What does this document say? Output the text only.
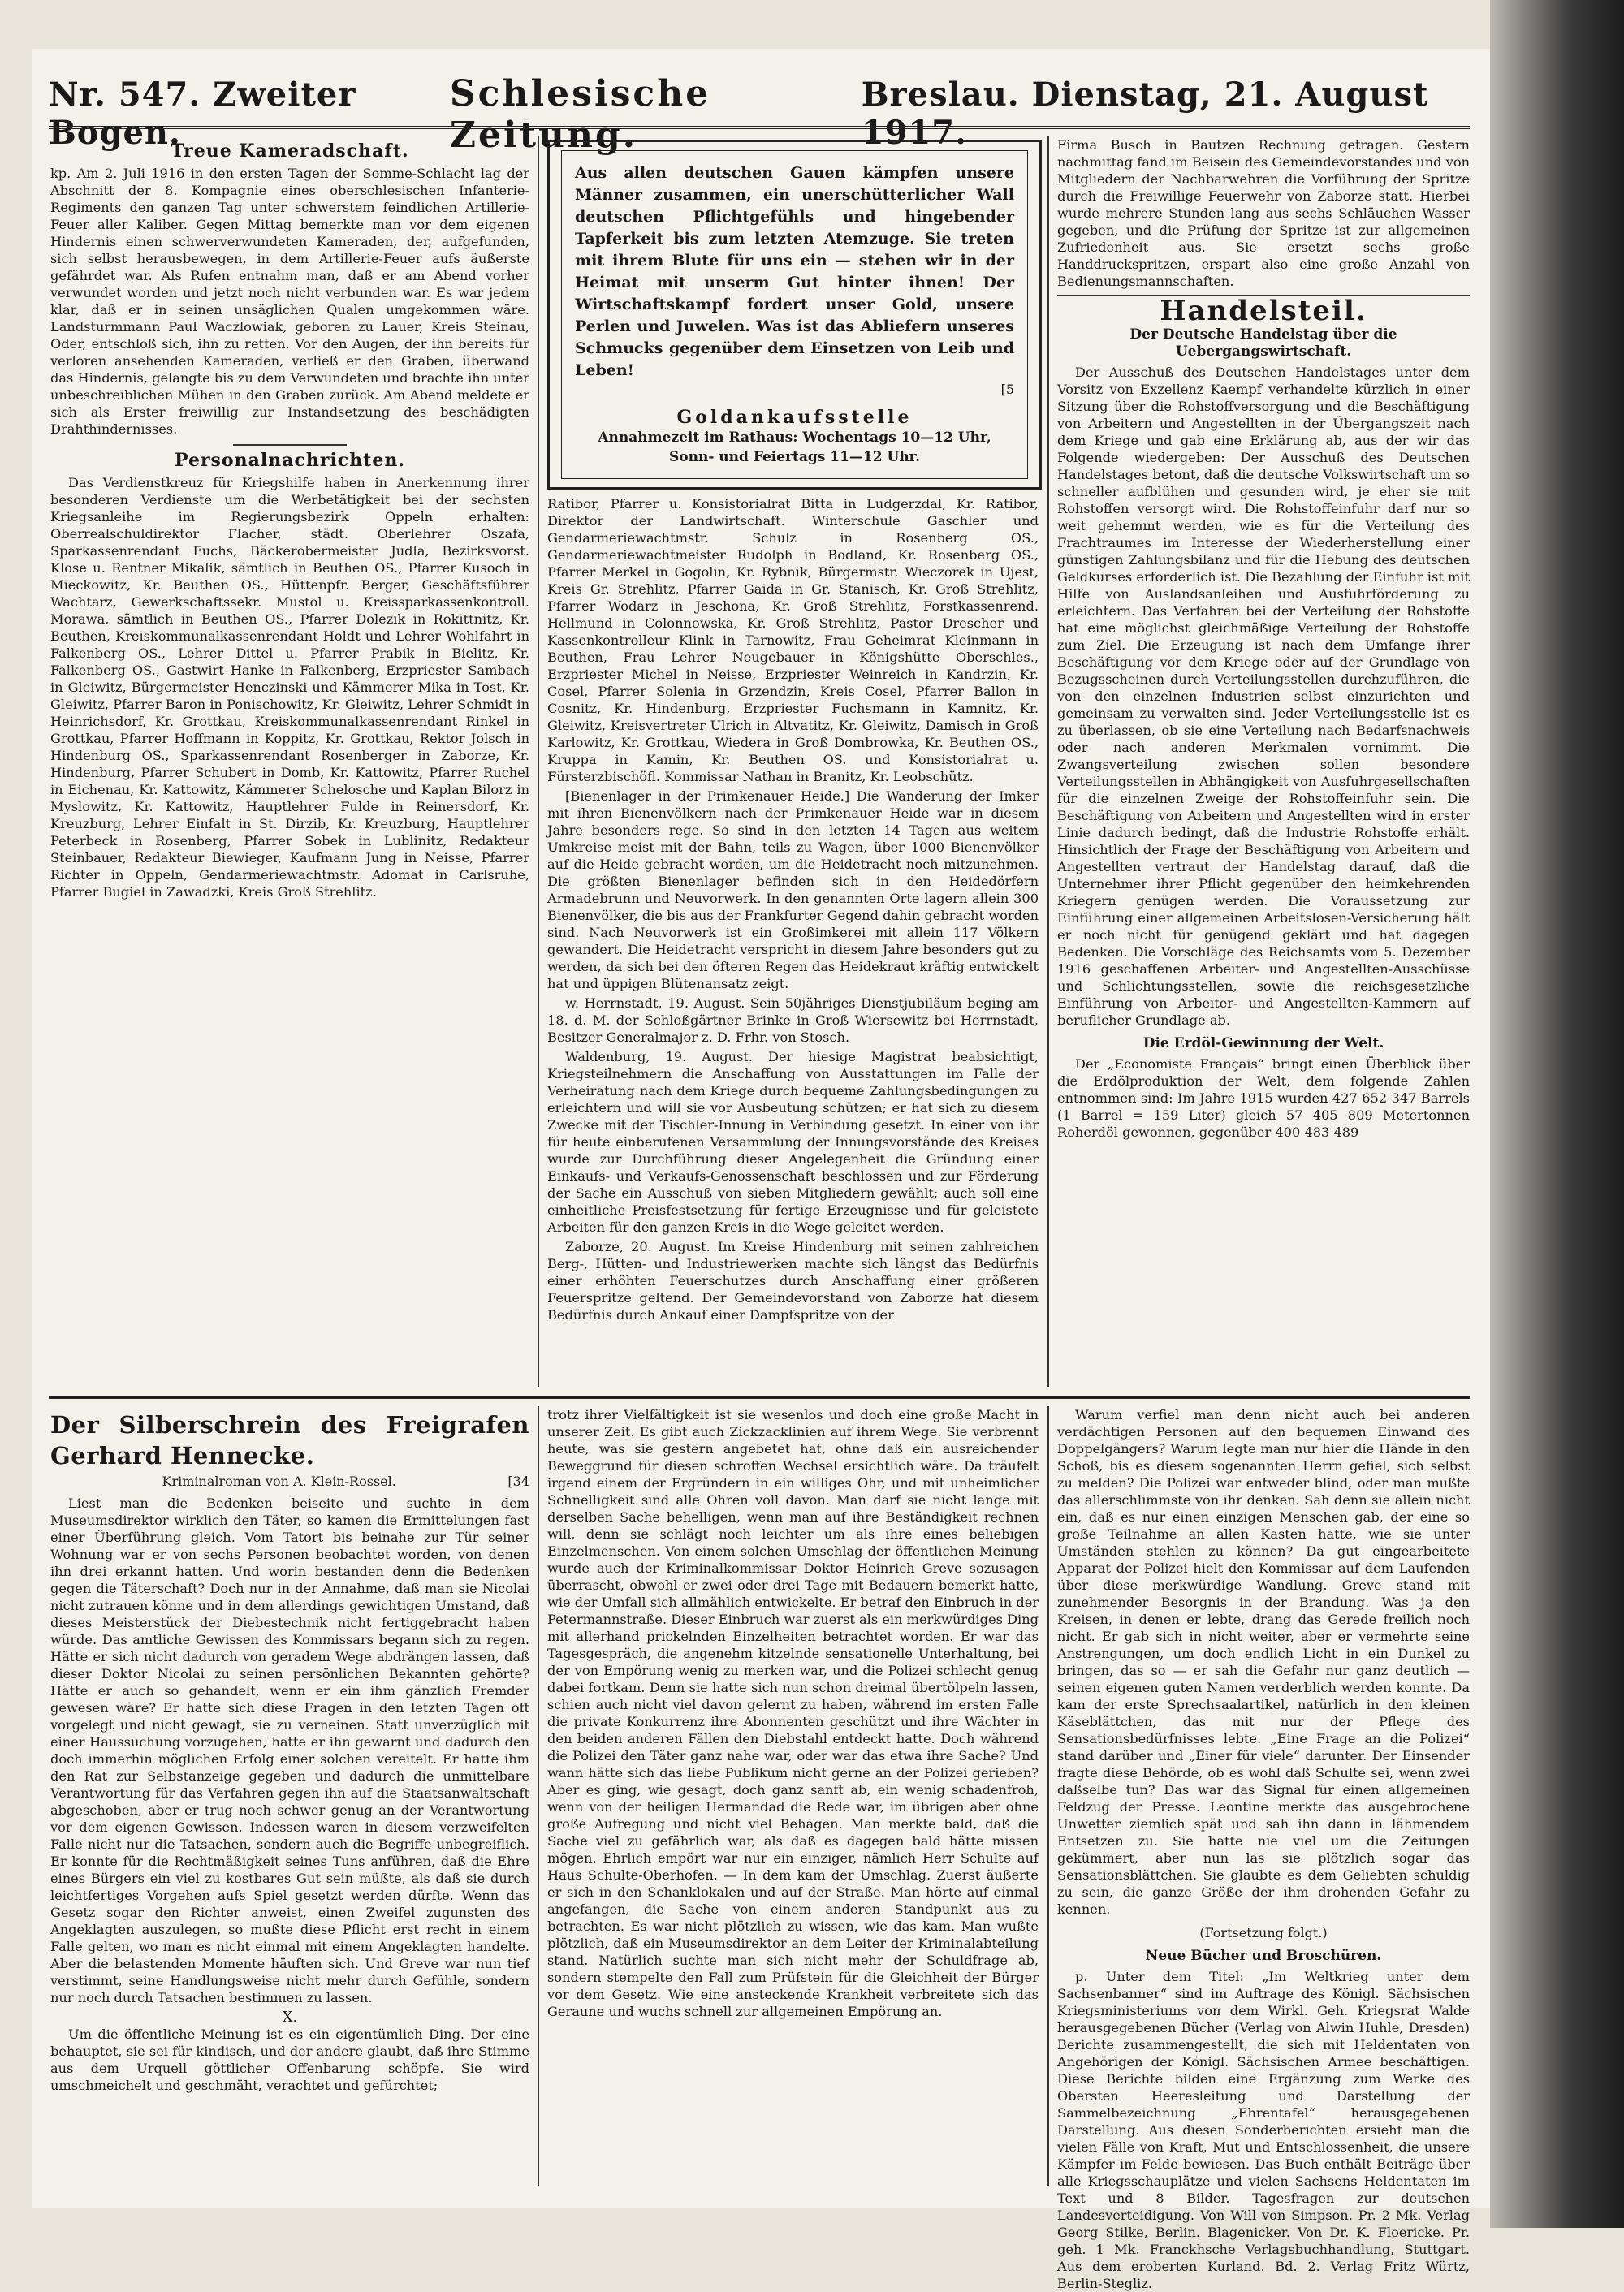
Nr. 547. Zweiter Bogen.
Schlesische Zeitung.
Breslau. Dienstag, 21. August 1917.
Treue Kameradschaft.

kp. Am 2. Juli 1916 in den ersten Tagen der Somme-Schlacht lag der Abschnitt der 8. Kompagnie eines oberschlesischen Infanterie-Regiments den ganzen Tag unter schwerstem feindlichen Artillerie-Feuer aller Kaliber. Gegen Mittag bemerkte man vor dem eigenen Hindernis einen schwerverwundeten Kameraden, der, aufgefunden, sich selbst herausbewegen, in dem Artillerie-Feuer aufs äußerste gefährdet war. Als Rufen entnahm man, daß er am Abend vorher verwundet worden und jetzt noch nicht verbunden war. Es war jedem klar, daß er in seinen unsäglichen Qualen umgekommen wäre. Landsturmmann Paul Waczlowiak, geboren zu Lauer, Kreis Steinau, Oder, entschloß sich, ihn zu retten. Vor den Augen, der ihn bereits für verloren ansehenden Kameraden, verließ er den Graben, überwand das Hindernis, gelangte bis zu dem Verwundeten und brachte ihn unter unbeschreiblichen Mühen in den Graben zurück. Am Abend meldete er sich als Erster freiwillig zur Instandsetzung des beschädigten Drahthindernisses.

Personalnachrichten.

Das Verdienstkreuz für Kriegshilfe haben in Anerkennung ihrer besonderen Verdienste um die Werbetätigkeit bei der sechsten Kriegsanleihe im Regierungsbezirk Oppeln erhalten: Oberrealschuldirektor Flacher, städt. Oberlehrer Oszafa, Sparkassenrendant Fuchs, Bäckerobermeister Judla, Bezirksvorst. Klose u. Rentner Mikalik, sämtlich in Beuthen OS., Pfarrer Kusoch in Mieckowitz, Kr. Beuthen OS., Hüttenpfr. Berger, Geschäftsführer Wachtarz, Gewerkschaftssekr. Mustol u. Kreissparkassenkontroll. Morawa, sämtlich in Beuthen OS., Pfarrer Dolezik in Rokittnitz, Kr. Beuthen, Kreiskommunalkassenrendant Holdt und Lehrer Wohlfahrt in Falkenberg OS., Lehrer Dittel u. Pfarrer Prabik in Bielitz, Kr. Falkenberg OS., Gastwirt Hanke in Falkenberg, Erzpriester Sambach in Gleiwitz, Bürgermeister Henczinski und Kämmerer Mika in Tost, Kr. Gleiwitz, Pfarrer Baron in Ponischowitz, Kr. Gleiwitz, Lehrer Schmidt in Heinrichsdorf, Kr. Grottkau, Kreiskommunalkassenrendant Rinkel in Grottkau, Pfarrer Hoffmann in Koppitz, Kr. Grottkau, Rektor Jolsch in Hindenburg OS., Sparkassenrendant Rosenberger in Zaborze, Kr. Hindenburg, Pfarrer Schubert in Domb, Kr. Kattowitz, Pfarrer Ruchel in Eichenau, Kr. Kattowitz, Kämmerer Schelosche und Kaplan Bilorz in Myslowitz, Kr. Kattowitz, Hauptlehrer Fulde in Reinersdorf, Kr. Kreuzburg, Lehrer Einfalt in St. Dirzib, Kr. Kreuzburg, Hauptlehrer Peterbeck in Rosenberg, Pfarrer Sobek in Lublinitz, Redakteur Steinbauer, Redakteur Biewieger, Kaufmann Jung in Neisse, Pfarrer Richter in Oppeln, Gendarmeriewachtmstr. Adomat in Carlsruhe, Pfarrer Bugiel in Zawadzki, Kreis Groß Strehlitz.

Aus allen deutschen Gauen kämpfen unsere Männer zusammen, ein unerschütterlicher Wall deutschen Pflichtgefühls und hingebender Tapferkeit bis zum letzten Atemzuge. Sie treten mit ihrem Blute für uns ein — stehen wir in der Heimat mit unserm Gut hinter ihnen! Der Wirtschaftskampf fordert unser Gold, unsere Perlen und Juwelen. Was ist das Abliefern unseres Schmucks gegenüber dem Einsetzen von Leib und Leben!
[5
Goldankaufsstelle
Annahmezeit im Rathaus: Wochentags 10—12 Uhr,
Sonn- und Feiertags 11—12 Uhr.

Ratibor, Pfarrer u. Konsistorialrat Bitta in Ludgerzdal, Kr. Ratibor, Direktor der Landwirtschaft. Winterschule Gaschler und Gendarmeriewachtmstr. Schulz in Rosenberg OS., Gendarmeriewachtmeister Rudolph in Bodland, Kr. Rosenberg OS., Pfarrer Merkel in Gogolin, Kr. Rybnik, Bürgermstr. Wieczorek in Ujest, Kreis Gr. Strehlitz, Pfarrer Gaida in Gr. Stanisch, Kr. Groß Strehlitz, Pfarrer Wodarz in Jeschona, Kr. Groß Strehlitz, Forstkassenrend. Hellmund in Colonnowska, Kr. Groß Strehlitz, Pastor Drescher und Kassenkontrolleur Klink in Tarnowitz, Frau Geheimrat Kleinmann in Beuthen, Frau Lehrer Neugebauer in Königshütte Oberschles., Erzpriester Michel in Neisse, Erzpriester Weinreich in Kandrzin, Kr. Cosel, Pfarrer Solenia in Grzendzin, Kreis Cosel, Pfarrer Ballon in Cosnitz, Kr. Hindenburg, Erzpriester Fuchsmann in Kamnitz, Kr. Gleiwitz, Kreisvertreter Ulrich in Altvatitz, Kr. Gleiwitz, Damisch in Groß Karlowitz, Kr. Grottkau, Wiedera in Groß Dombrowka, Kr. Beuthen OS., Kruppa in Kamin, Kr. Beuthen OS. und Konsistorialrat u. Fürsterzbischöfl. Kommissar Nathan in Branitz, Kr. Leobschütz.

[Bienenlager in der Primkenauer Heide.] Die Wanderung der Imker mit ihren Bienenvölkern nach der Primkenauer Heide war in diesem Jahre besonders rege. So sind in den letzten 14 Tagen aus weitem Umkreise meist mit der Bahn, teils zu Wagen, über 1000 Bienenvölker auf die Heide gebracht worden, um die Heidetracht noch mitzunehmen. Die größten Bienenlager befinden sich in den Heidedörfern Armadebrunn und Neuvorwerk. In den genannten Orte lagern allein 300 Bienenvölker, die bis aus der Frankfurter Gegend dahin gebracht worden sind. Nach Neuvorwerk ist ein Großimkerei mit allein 117 Völkern gewandert. Die Heidetracht verspricht in diesem Jahre besonders gut zu werden, da sich bei den öfteren Regen das Heidekraut kräftig entwickelt hat und üppigen Blütenansatz zeigt.

w. Herrnstadt, 19. August. Sein 50jähriges Dienstjubiläum beging am 18. d. M. der Schloßgärtner Brinke in Groß Wiersewitz bei Herrnstadt, Besitzer Generalmajor z. D. Frhr. von Stosch.

Waldenburg, 19. August. Der hiesige Magistrat beabsichtigt, Kriegsteilnehmern die Anschaffung von Ausstattungen im Falle der Verheiratung nach dem Kriege durch bequeme Zahlungsbedingungen zu erleichtern und will sie vor Ausbeutung schützen; er hat sich zu diesem Zwecke mit der Tischler-Innung in Verbindung gesetzt. In einer von ihr für heute einberufenen Versammlung der Innungsvorstände des Kreises wurde zur Durchführung dieser Angelegenheit die Gründung einer Einkaufs- und Verkaufs-Genossenschaft beschlossen und zur Förderung der Sache ein Ausschuß von sieben Mitgliedern gewählt; auch soll eine einheitliche Preisfestsetzung für fertige Erzeugnisse und für geleistete Arbeiten für den ganzen Kreis in die Wege geleitet werden.

Zaborze, 20. August. Im Kreise Hindenburg mit seinen zahlreichen Berg-, Hütten- und Industriewerken machte sich längst das Bedürfnis einer erhöhten Feuerschutzes durch Anschaffung einer größeren Feuerspritze geltend. Der Gemeindevorstand von Zaborze hat diesem Bedürfnis durch Ankauf einer Dampfspritze von der

Firma Busch in Bautzen Rechnung getragen. Gestern nachmittag fand im Beisein des Gemeindevorstandes und von Mitgliedern der Nachbarwehren die Vorführung der Spritze durch die Freiwillige Feuerwehr von Zaborze statt. Hierbei wurde mehrere Stunden lang aus sechs Schläuchen Wasser gegeben, und die Prüfung der Spritze ist zur allgemeinen Zufriedenheit aus. Sie ersetzt sechs große Handdruckspritzen, erspart also eine große Anzahl von Bedienungsmannschaften.

Handelsteil.
Der Deutsche Handelstag über die Uebergangswirtschaft.

Der Ausschuß des Deutschen Handelstages unter dem Vorsitz von Exzellenz Kaempf verhandelte kürzlich in einer Sitzung über die Rohstoffversorgung und die Beschäftigung von Arbeitern und Angestellten in der Übergangszeit nach dem Kriege und gab eine Erklärung ab, aus der wir das Folgende wiedergeben: Der Ausschuß des Deutschen Handelstages betont, daß die deutsche Volkswirtschaft um so schneller aufblühen und gesunden wird, je eher sie mit Rohstoffen versorgt wird. Die Rohstoffeinfuhr darf nur so weit gehemmt werden, wie es für die Verteilung des Frachtraumes im Interesse der Wiederherstellung einer günstigen Zahlungsbilanz und für die Hebung des deutschen Geldkurses erforderlich ist. Die Bezahlung der Einfuhr ist mit Hilfe von Auslandsanleihen und Ausfuhrförderung zu erleichtern. Das Verfahren bei der Verteilung der Rohstoffe hat eine möglichst gleichmäßige Verteilung der Rohstoffe zum Ziel. Die Erzeugung ist nach dem Umfange ihrer Beschäftigung vor dem Kriege oder auf der Grundlage von Bezugsscheinen durch Verteilungsstellen durchzuführen, die von den einzelnen Industrien selbst einzurichten und gemeinsam zu verwalten sind. Jeder Verteilungsstelle ist es zu überlassen, ob sie eine Verteilung nach Bedarfsnachweis oder nach anderen Merkmalen vornimmt. Die Zwangsverteilung zwischen sollen besondere Verteilungsstellen in Abhängigkeit von Ausfuhrgesellschaften für die einzelnen Zweige der Rohstoffeinfuhr sein. Die Beschäftigung von Arbeitern und Angestellten wird in erster Linie dadurch bedingt, daß die Industrie Rohstoffe erhält. Hinsichtlich der Frage der Beschäftigung von Arbeitern und Angestellten vertraut der Handelstag darauf, daß die Unternehmer ihrer Pflicht gegenüber den heimkehrenden Kriegern genügen werden. Die Voraussetzung zur Einführung einer allgemeinen Arbeitslosen-Versicherung hält er noch nicht für genügend geklärt und hat dagegen Bedenken. Die Vorschläge des Reichsamts vom 5. Dezember 1916 geschaffenen Arbeiter- und Angestellten-Ausschüsse und Schlichtungsstellen, sowie die reichsgesetzliche Einführung von Arbeiter- und Angestellten-Kammern auf beruflicher Grundlage ab.

Die Erdöl-Gewinnung der Welt.

Der „Economiste Français“ bringt einen Überblick über die Erdölproduktion der Welt, dem folgende Zahlen entnommen sind: Im Jahre 1915 wurden 427 652 347 Barrels (1 Barrel = 159 Liter) gleich 57 405 809 Metertonnen Roherdöl gewonnen, gegenüber 400 483 489

Der Silberschrein des Freigrafen Gerhard Hennecke.
Kriminalroman von A. Klein-Rossel.	[34

Liest man die Bedenken beiseite und suchte in dem Museumsdirektor wirklich den Täter, so kamen die Ermittelungen fast einer Überführung gleich. Vom Tatort bis beinahe zur Tür seiner Wohnung war er von sechs Personen beobachtet worden, von denen ihn drei erkannt hatten. Und worin bestanden denn die Bedenken gegen die Täterschaft? Doch nur in der Annahme, daß man sie Nicolai nicht zutrauen könne und in dem allerdings gewichtigen Umstand, daß dieses Meisterstück der Diebestechnik nicht fertiggebracht haben würde. Das amtliche Gewissen des Kommissars begann sich zu regen. Hätte er sich nicht dadurch von geradem Wege abdrängen lassen, daß dieser Doktor Nicolai zu seinen persönlichen Bekannten gehörte? Hätte er auch so gehandelt, wenn er ein ihm gänzlich Fremder gewesen wäre? Er hatte sich diese Fragen in den letzten Tagen oft vorgelegt und nicht gewagt, sie zu verneinen. Statt unverzüglich mit einer Haussuchung vorzugehen, hatte er ihn gewarnt und dadurch den doch immerhin möglichen Erfolg einer solchen vereitelt. Er hatte ihm den Rat zur Selbstanzeige gegeben und dadurch die unmittelbare Verantwortung für das Verfahren gegen ihn auf die Staatsanwaltschaft abgeschoben, aber er trug noch schwer genug an der Verantwortung vor dem eigenen Gewissen. Indessen waren in diesem verzweifelten Falle nicht nur die Tatsachen, sondern auch die Begriffe unbegreiflich. Er konnte für die Rechtmäßigkeit seines Tuns anführen, daß die Ehre eines Bürgers ein viel zu kostbares Gut sein müßte, als daß sie durch leichtfertiges Vorgehen aufs Spiel gesetzt werden dürfte. Wenn das Gesetz sogar den Richter anweist, einen Zweifel zugunsten des Angeklagten auszulegen, so mußte diese Pflicht erst recht in einem Falle gelten, wo man es nicht einmal mit einem Angeklagten handelte. Aber die belastenden Momente häuften sich. Und Greve war nun tief verstimmt, seine Handlungsweise nicht mehr durch Gefühle, sondern nur noch durch Tatsachen bestimmen zu lassen.

X.

Um die öffentliche Meinung ist es ein eigentümlich Ding. Der eine behauptet, sie sei für kindisch, und der andere glaubt, daß ihre Stimme aus dem Urquell göttlicher Offenbarung schöpfe. Sie wird umschmeichelt und geschmäht, verachtet und gefürchtet;

trotz ihrer Vielfältigkeit ist sie wesenlos und doch eine große Macht in unserer Zeit. Es gibt auch Zickzacklinien auf ihrem Wege. Sie verbrennt heute, was sie gestern angebetet hat, ohne daß ein ausreichender Beweggrund für diesen schroffen Wechsel ersichtlich wäre. Da träufelt irgend einem der Ergründern in ein williges Ohr, und mit unheimlicher Schnelligkeit sind alle Ohren voll davon. Man darf sie nicht lange mit derselben Sache behelligen, wenn man auf ihre Beständigkeit rechnen will, denn sie schlägt noch leichter um als ihre eines beliebigen Einzelmenschen. Von einem solchen Umschlag der öffentlichen Meinung wurde auch der Kriminalkommissar Doktor Heinrich Greve sozusagen überrascht, obwohl er zwei oder drei Tage mit Bedauern bemerkt hatte, wie der Umfall sich allmählich entwickelte. Er betraf den Einbruch in der Petermannstraße. Dieser Einbruch war zuerst als ein merkwürdiges Ding mit allerhand prickelnden Einzelheiten betrachtet worden. Er war das Tagesgespräch, die angenehm kitzelnde sensationelle Unterhaltung, bei der von Empörung wenig zu merken war, und die Polizei schlecht genug dabei fortkam. Denn sie hatte sich nun schon dreimal übertölpeln lassen, schien auch nicht viel davon gelernt zu haben, während im ersten Falle die private Konkurrenz ihre Abonnenten geschützt und ihre Wächter in den beiden anderen Fällen den Diebstahl entdeckt hatte. Doch während die Polizei den Täter ganz nahe war, oder war das etwa ihre Sache? Und wann hätte sich das liebe Publikum nicht gerne an der Polizei gerieben? Aber es ging, wie gesagt, doch ganz sanft ab, ein wenig schadenfroh, wenn von der heiligen Hermandad die Rede war, im übrigen aber ohne große Aufregung und nicht viel Behagen. Man merkte bald, daß die Sache viel zu gefährlich war, als daß es dagegen bald hätte missen mögen. Ehrlich empört war nur ein einziger, nämlich Herr Schulte auf Haus Schulte-Oberhofen. — In dem kam der Umschlag. Zuerst äußerte er sich in den Schanklokalen und auf der Straße. Man hörte auf einmal angefangen, die Sache von einem anderen Standpunkt aus zu betrachten. Es war nicht plötzlich zu wissen, wie das kam. Man wußte plötzlich, daß ein Museumsdirektor an dem Leiter der Kriminalabteilung stand. Natürlich suchte man sich nicht mehr der Schuldfrage ab, sondern stempelte den Fall zum Prüfstein für die Gleichheit der Bürger vor dem Gesetz. Wie eine ansteckende Krankheit verbreitete sich das Geraune und wuchs schnell zur allgemeinen Empörung an.

Warum verfiel man denn nicht auch bei anderen verdächtigen Personen auf den bequemen Einwand des Doppelgängers? Warum legte man nur hier die Hände in den Schoß, bis es diesem sogenannten Herrn gefiel, sich selbst zu melden? Die Polizei war entweder blind, oder man mußte das allerschlimmste von ihr denken. Sah denn sie allein nicht ein, daß es nur einen einzigen Menschen gab, der eine so große Teilnahme an allen Kasten hatte, wie sie unter Umständen stehlen zu können? Da gut eingearbeitete Apparat der Polizei hielt den Kommissar auf dem Laufenden über diese merkwürdige Wandlung. Greve stand mit zunehmender Besorgnis in der Brandung. Was ja den Kreisen, in denen er lebte, drang das Gerede freilich noch nicht. Er gab sich in nicht weiter, aber er vermehrte seine Anstrengungen, um doch endlich Licht in ein Dunkel zu bringen, das so — er sah die Gefahr nur ganz deutlich — seinen eigenen guten Namen verderblich werden konnte. Da kam der erste Sprechsaalartikel, natürlich in den kleinen Käseblättchen, das mit nur der Pflege des Sensationsbedürfnisses lebte. „Eine Frage an die Polizei“ stand darüber und „Einer für viele“ darunter. Der Einsender fragte diese Behörde, ob es wohl daß Schulte sei, wenn zwei daßselbe tun? Das war das Signal für einen allgemeinen Feldzug der Presse. Leontine merkte das ausgebrochene Unwetter ziemlich spät und sah ihn dann in lähmendem Entsetzen zu. Sie hatte nie viel um die Zeitungen gekümmert, aber nun las sie plötzlich sogar das Sensationsblättchen. Sie glaubte es dem Geliebten schuldig zu sein, die ganze Größe der ihm drohenden Gefahr zu kennen.

(Fortsetzung folgt.)
Neue Bücher und Broschüren.

p. Unter dem Titel: „Im Weltkrieg unter dem Sachsenbanner“ sind im Auftrage des Königl. Sächsischen Kriegsministeriums von dem Wirkl. Geh. Kriegsrat Walde herausgegebenen Bücher (Verlag von Alwin Huhle, Dresden) Berichte zusammengestellt, die sich mit Heldentaten von Angehörigen der Königl. Sächsischen Armee beschäftigen. Diese Berichte bilden eine Ergänzung zum Werke des Obersten Heeresleitung und Darstellung der Sammelbezeichnung „Ehrentafel“ herausgegebenen Darstellung. Aus diesen Sonderberichten ersieht man die vielen Fälle von Kraft, Mut und Entschlossenheit, die unsere Kämpfer im Felde bewiesen. Das Buch enthält Beiträge über alle Kriegsschauplätze und vielen Sachsens Heldentaten im Text und 8 Bilder. Tagesfragen zur deutschen Landesverteidigung. Von Will von Simpson. Pr. 2 Mk. Verlag Georg Stilke, Berlin. Blagenicker. Von Dr. K. Floericke. Pr. geh. 1 Mk. Franckhsche Verlagsbuchhandlung, Stuttgart. Aus dem eroberten Kurland. Bd. 2. Verlag Fritz Würtz, Berlin-Stegliz.
